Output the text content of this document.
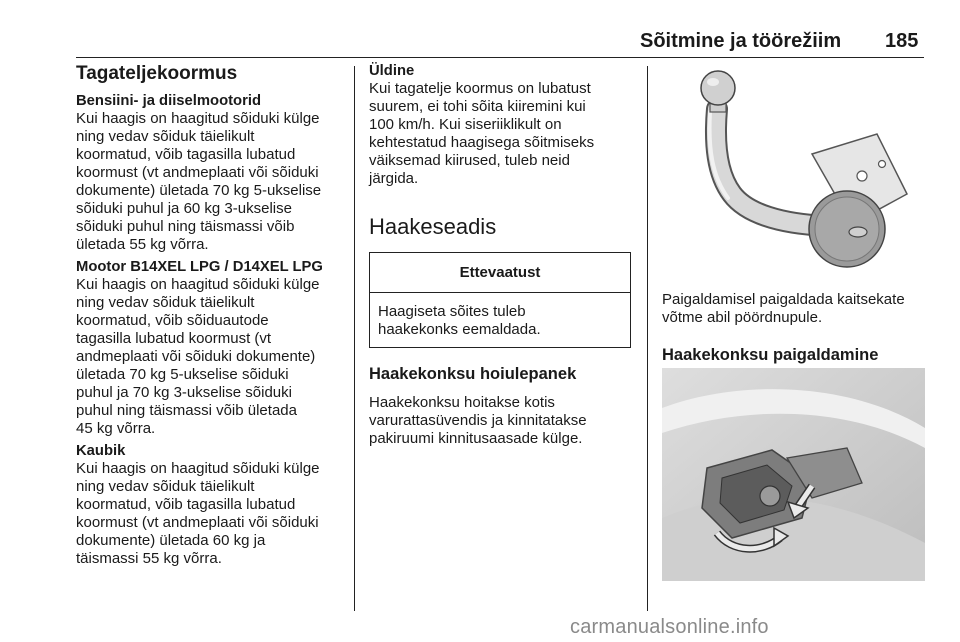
Sõitmine ja töörežiim 185
Tagateljekoormus
Bensiini- ja diiselmootorid
Kui haagis on haagitud sõiduki külge
ning vedav sõiduk täielikult
koormatud, võib tagasilla lubatud
koormust (vt andmeplaati või sõiduki
dokumente) ületada 70 kg 5-ukselise
sõiduki puhul ja 60 kg 3-ukselise
sõiduki puhul ning täismassi võib
ületada 55 kg võrra.
Mootor B14XEL LPG / D14XEL LPG
Kui haagis on haagitud sõiduki külge
ning vedav sõiduk täielikult
koormatud, võib sõiduautode
tagasilla lubatud koormust (vt
andmeplaati või sõiduki dokumente)
ületada 70 kg 5-ukselise sõiduki
puhul ja 70 kg 3-ukselise sõiduki
puhul ning täismassi võib ületada
45 kg võrra.
Kaubik
Kui haagis on haagitud sõiduki külge
ning vedav sõiduk täielikult
koormatud, võib tagasilla lubatud
koormust (vt andmeplaati või sõiduki
dokumente) ületada 60 kg ja
täismassi 55 kg võrra.
Üldine
Kui tagatelje koormus on lubatust
suurem, ei tohi sõita kiiremini kui
100 km/h. Kui siseriiklikult on
kehtestatud haagisega sõitmiseks
väiksemad kiirused, tuleb neid
järgida.
Haakeseadis
Ettevaatust
Haagiseta sõites tuleb
haakekonks eemaldada.
Haakekonksu hoiulepanek
Haakekonksu hoitakse kotis
varurattasüvendis ja kinnitatakse
pakiruumi kinnitusaasade külge.
Paigaldamisel paigaldada kaitsekate
võtme abil pöördnupule.
Haakekonksu paigaldamine
carmanualsonline.info
